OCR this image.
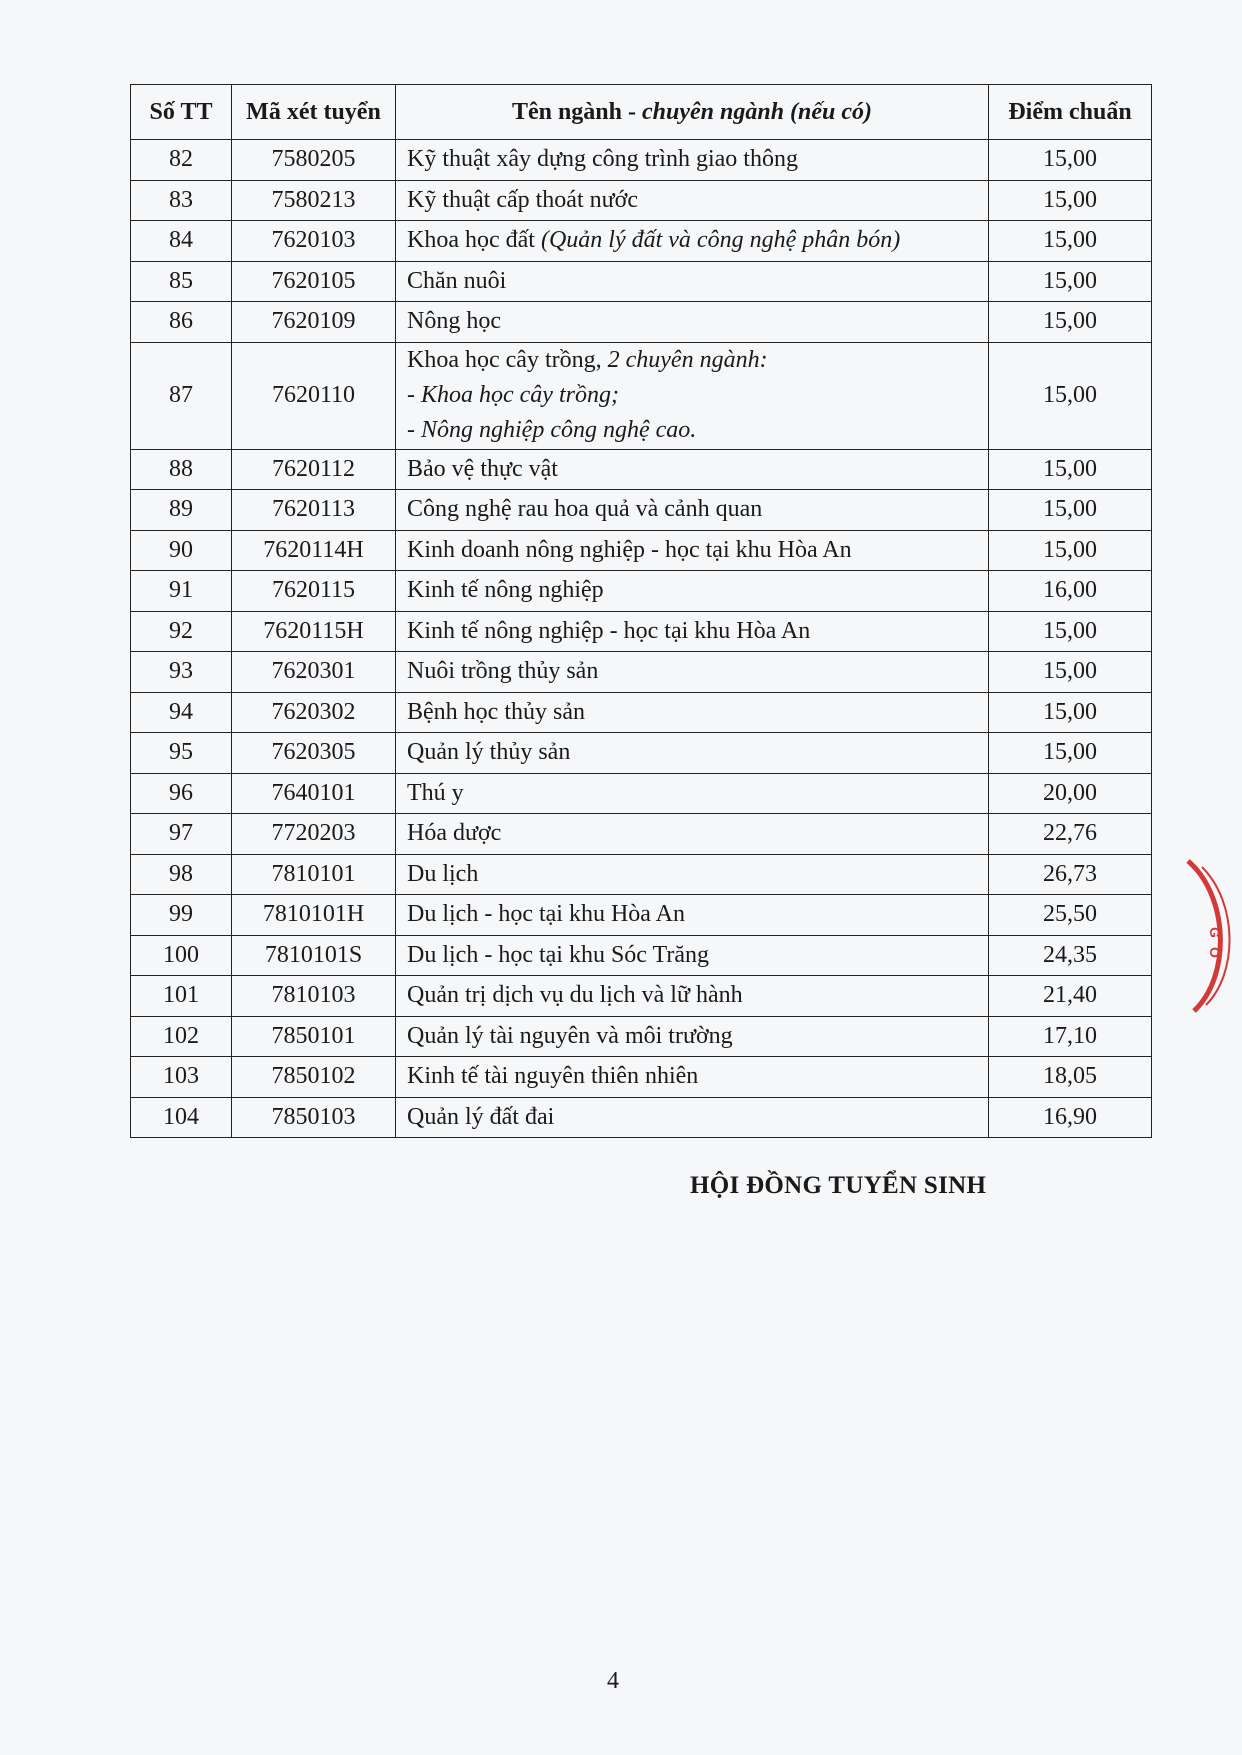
Số TT	Mã xét tuyển	Tên ngành - chuyên ngành (nếu có)	Điểm chuẩn
82	7580205	Kỹ thuật xây dựng công trình giao thông	15,00
83	7580213	Kỹ thuật cấp thoát nước	15,00
84	7620103	Khoa học đất (Quản lý đất và công nghệ phân bón)	15,00
85	7620105	Chăn nuôi	15,00
86	7620109	Nông học	15,00
87	7620110	Khoa học cây trồng, 2 chuyên ngành:
- Khoa học cây trồng;
- Nông nghiệp công nghệ cao.	15,00
88	7620112	Bảo vệ thực vật	15,00
89	7620113	Công nghệ rau hoa quả và cảnh quan	15,00
90	7620114H	Kinh doanh nông nghiệp - học tại khu Hòa An	15,00
91	7620115	Kinh tế nông nghiệp	16,00
92	7620115H	Kinh tế nông nghiệp - học tại khu Hòa An	15,00
93	7620301	Nuôi trồng thủy sản	15,00
94	7620302	Bệnh học thủy sản	15,00
95	7620305	Quản lý thủy sản	15,00
96	7640101	Thú y	20,00
97	7720203	Hóa dược	22,76
98	7810101	Du lịch	26,73
99	7810101H	Du lịch - học tại khu Hòa An	25,50
100	7810101S	Du lịch - học tại khu Sóc Trăng	24,35
101	7810103	Quản trị dịch vụ du lịch và lữ hành	21,40
102	7850101	Quản lý tài nguyên và môi trường	17,10
103	7850102	Kinh tế tài nguyên thiên nhiên	18,05
104	7850103	Quản lý đất đai	16,90
HỘI ĐỒNG TUYỂN SINH
4
G
O
